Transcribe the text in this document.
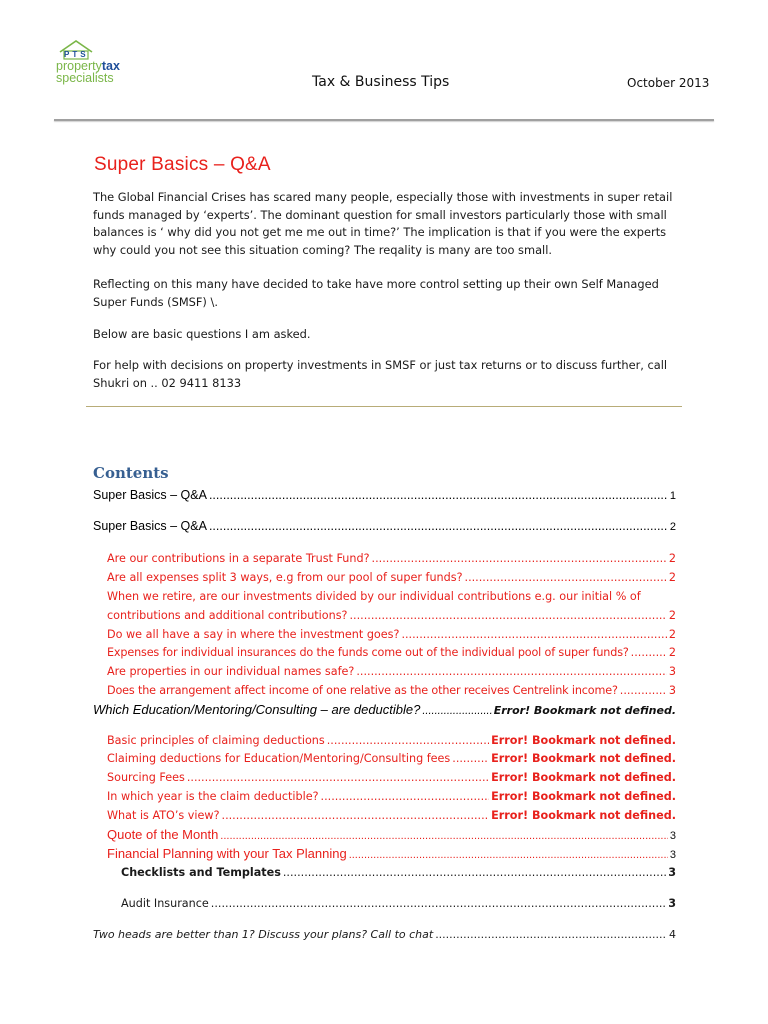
PTS
propertytax
specialists	Tax & Business Tips	October 2013
Super Basics – Q&A
The Global Financial Crises has scared many people, especially those with investments in super retail funds managed by ‘experts’. The dominant question for small investors particularly those with small balances is ‘ why did you not get me me out in time?’ The implication is that if you were the experts why could you not see this situation coming? The reqality is many are too small.
Reflecting on this many have decided to take have more control setting up their own Self Managed Super Funds (SMSF) \.
Below are basic questions I am asked.
For help with decisions on property investments in SMSF or just tax returns or to discuss further, call Shukri on .. 02 9411 8133
Contents
Super Basics – Q&A .....	1
Super Basics – Q&A .....	2
Are our contributions in a separate Trust Fund? .....	2
Are all expenses split 3 ways, e.g from our pool of super funds? .....	2
When we retire, are our investments divided by our individual contributions e.g. our initial % of
contributions and additional contributions? .....	2
Do we all have a say in where the investment goes? .....	2
Expenses for individual insurances do the funds come out of the individual pool of super funds? .....	2
Are properties in our individual names safe? .....	3
Does the arrangement affect income of one relative as the other receives Centrelink income? .....	3
Which Education/Mentoring/Consulting – are deductible? .....	Error! Bookmark not defined.
Basic principles of claiming deductions .....	Error! Bookmark not defined.
Claiming deductions for Education/Mentoring/Consulting fees .....	Error! Bookmark not defined.
Sourcing Fees .....	Error! Bookmark not defined.
In which year is the claim deductible? .....	Error! Bookmark not defined.
What is ATO’s view? .....	Error! Bookmark not defined.
Quote of the Month .....	3
Financial Planning with your Tax Planning .....	3
Checklists and Templates .....	3
Audit Insurance .....	3
Two heads are better than 1? Discuss your plans? Call to chat .....	4
